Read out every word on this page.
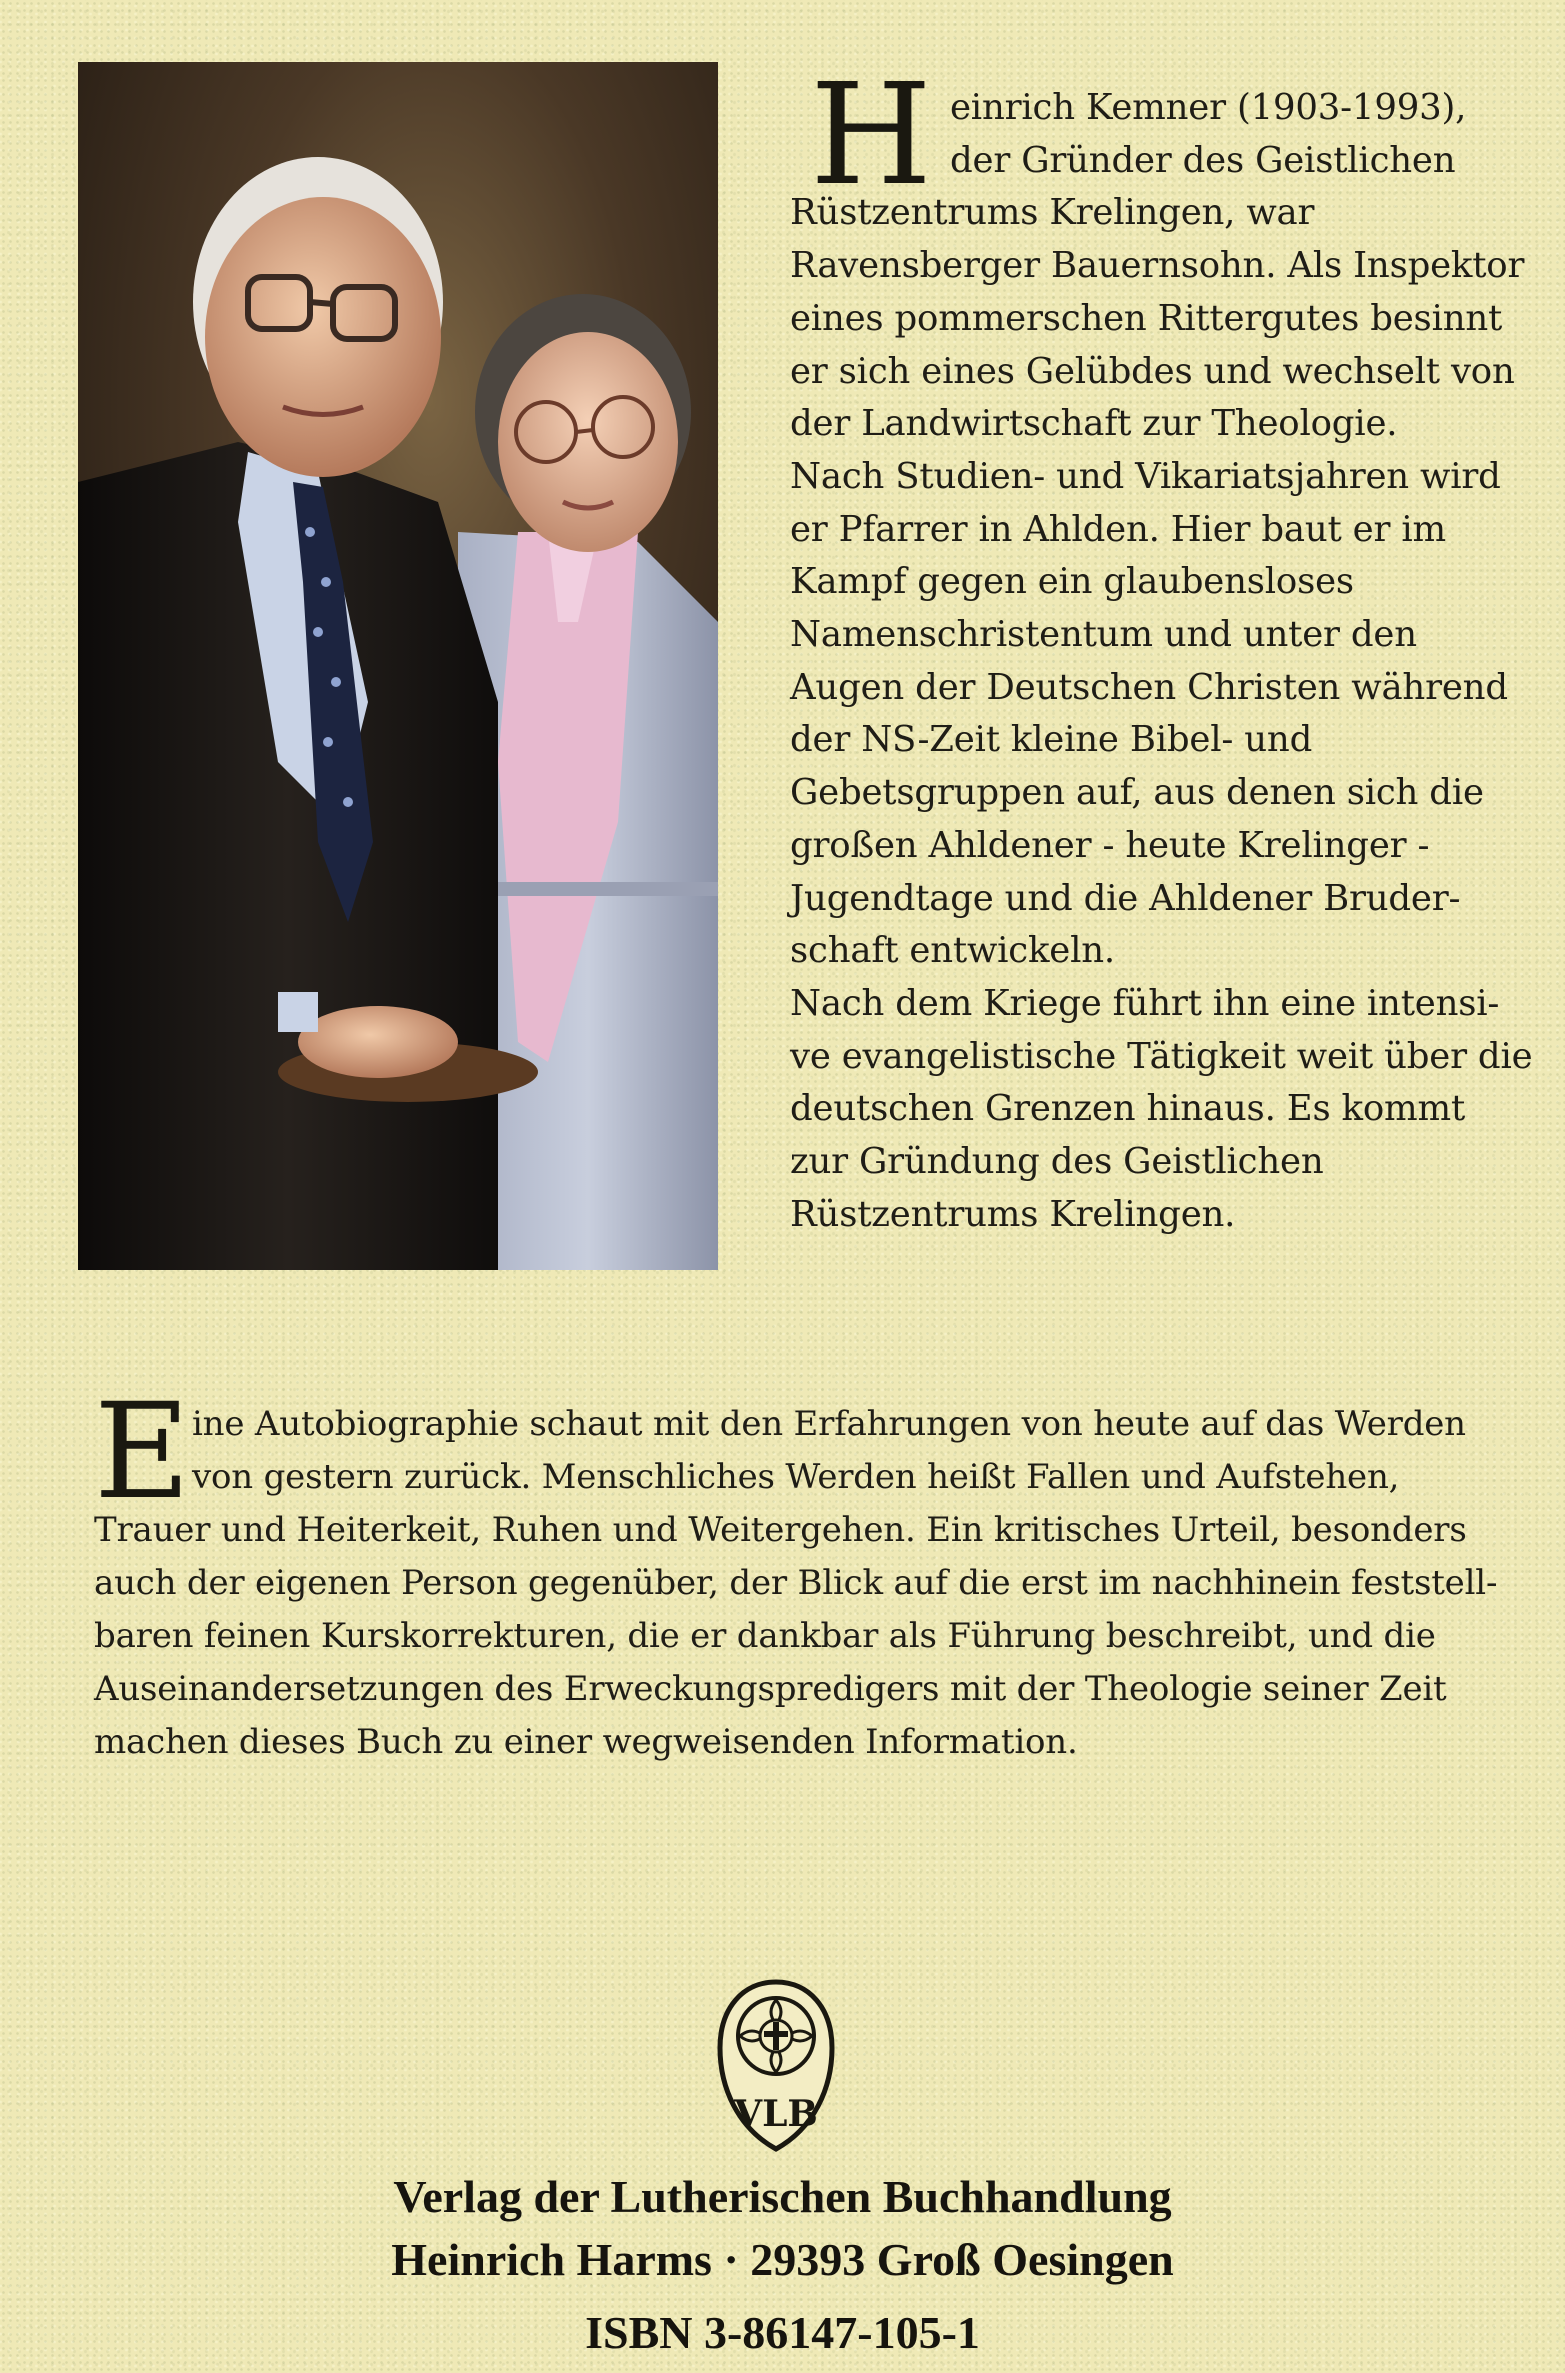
H einrich Kemner (1903-1993),
der Gründer des Geistlichen
Rüstzentrums Krelingen, war
Ravensberger Bauernsohn. Als Inspektor
eines pommerschen Rittergutes besinnt
er sich eines Gelübdes und wechselt von
der Landwirtschaft zur Theologie.
Nach Studien- und Vikariatsjahren wird
er Pfarrer in Ahlden. Hier baut er im
Kampf gegen ein glaubensloses
Namenschristentum und unter den
Augen der Deutschen Christen während
der NS-Zeit kleine Bibel- und
Gebetsgruppen auf, aus denen sich die
großen Ahldener - heute Krelinger -
Jugendtage und die Ahldener Bruder-
schaft entwickeln.
Nach dem Kriege führt ihn eine intensi-
ve evangelistische Tätigkeit weit über die
deutschen Grenzen hinaus. Es kommt
zur Gründung des Geistlichen
Rüstzentrums Krelingen.
E ine Autobiographie schaut mit den Erfahrungen von heute auf das Werden
von gestern zurück. Menschliches Werden heißt Fallen und Aufstehen,
Trauer und Heiterkeit, Ruhen und Weitergehen. Ein kritisches Urteil, besonders
auch der eigenen Person gegenüber, der Blick auf die erst im nachhinein feststell-
baren feinen Kurskorrekturen, die er dankbar als Führung beschreibt, und die
Auseinandersetzungen des Erweckungspredigers mit der Theologie seiner Zeit
machen dieses Buch zu einer wegweisenden Information.
VLB
Verlag der Lutherischen Buchhandlung
Heinrich Harms · 29393 Groß Oesingen
ISBN 3-86147-105-1
